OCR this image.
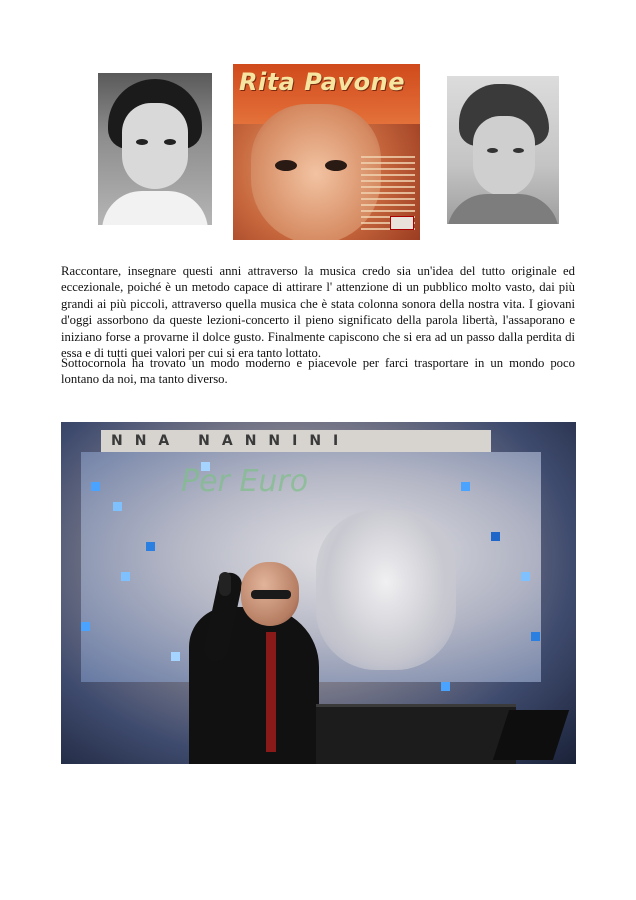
Rita Pavone

Raccontare, insegnare questi anni attraverso la musica credo sia un'idea del tutto originale ed eccezionale, poiché è un metodo capace di attirare l' attenzione di un pubblico molto vasto, dai più grandi ai più piccoli, attraverso quella musica che è stata colonna sonora della nostra vita. I giovani d'oggi assorbono da queste lezioni-concerto il pieno significato della parola libertà, l'assaporano e iniziano forse a provarne il dolce gusto. Finalmente capiscono che si era ad un passo dalla perdita di essa e di tutti quei valori per cui si era tanto lottato.

Sottocornola ha trovato un modo moderno e piacevole per farci trasportare in un mondo poco lontano da noi, ma tanto diverso.

NNA NANNINI
Per Euro
